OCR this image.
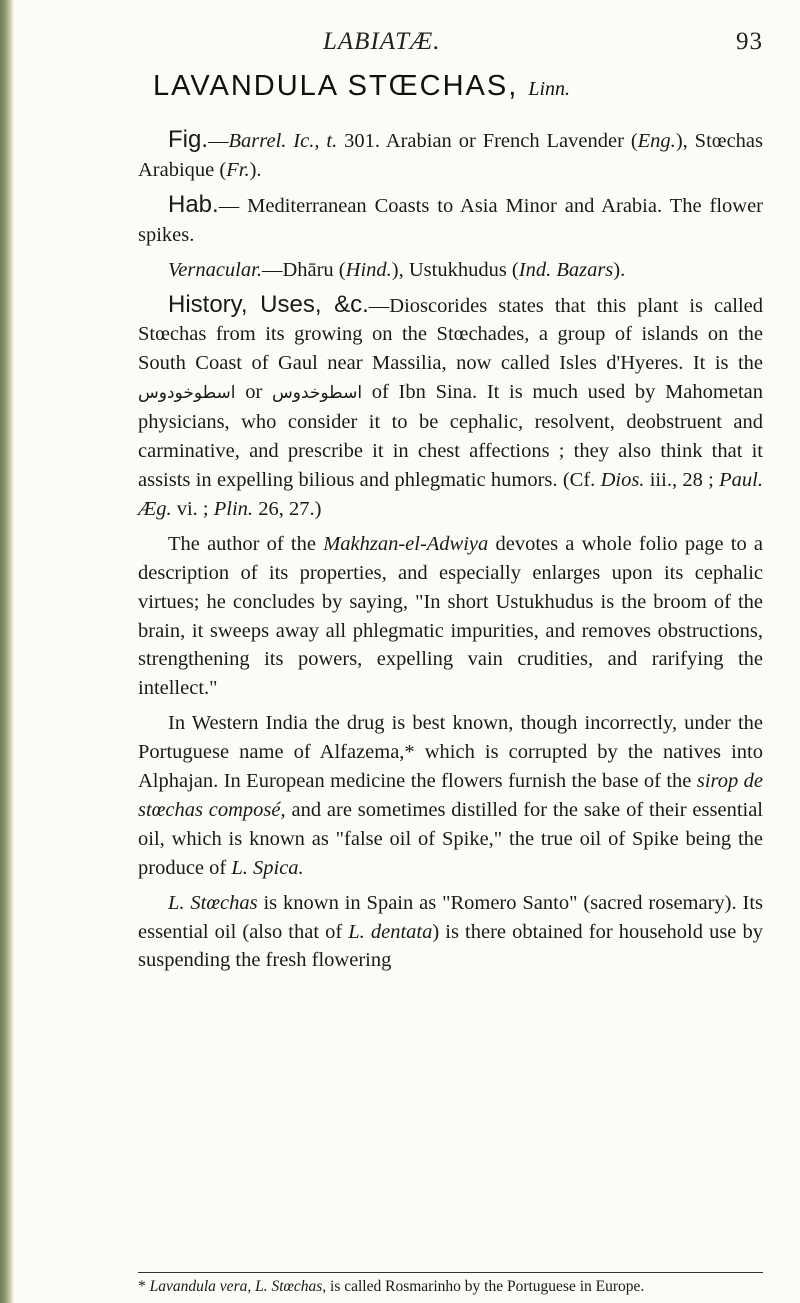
LABIATÆ.	93
LAVANDULA STŒCHAS, Linn.

Fig.—Barrel. Ic., t. 301. Arabian or French Lavender (Eng.), Stœchas Arabique (Fr.).

Hab.— Mediterranean Coasts to Asia Minor and Arabia. The flower spikes.

Vernacular.—Dhāru (Hind.), Ustukhudus (Ind. Bazars).

History, Uses, &c.—Dioscorides states that this plant is called Stœchas from its growing on the Stœchades, a group of islands on the South Coast of Gaul near Massilia, now called Isles d'Hyeres. It is the اسطوخودوس or اسطوخدوس of Ibn Sina. It is much used by Mahometan physicians, who consider it to be cephalic, resolvent, deobstruent and carminative, and prescribe it in chest affections ; they also think that it assists in expelling bilious and phlegmatic humors. (Cf. Dios. iii., 28 ; Paul. Æg. vi. ; Plin. 26, 27.)

The author of the Makhzan-el-Adwiya devotes a whole folio page to a description of its properties, and especially enlarges upon its cephalic virtues; he concludes by saying, "In short Ustukhudus is the broom of the brain, it sweeps away all phlegmatic impurities, and removes obstructions, strengthening its powers, expelling vain crudities, and rarifying the intellect."

In Western India the drug is best known, though incorrectly, under the Portuguese name of Alfazema,* which is corrupted by the natives into Alphajan. In European medicine the flowers furnish the base of the sirop de stœchas composé, and are sometimes distilled for the sake of their essential oil, which is known as "false oil of Spike," the true oil of Spike being the produce of L. Spica.

L. Stœchas is known in Spain as "Romero Santo" (sacred rosemary). Its essential oil (also that of L. dentata) is there obtained for household use by suspending the fresh flowering

* Lavandula vera, L. Stœchas, is called Rosmarinho by the Portuguese in Europe.
